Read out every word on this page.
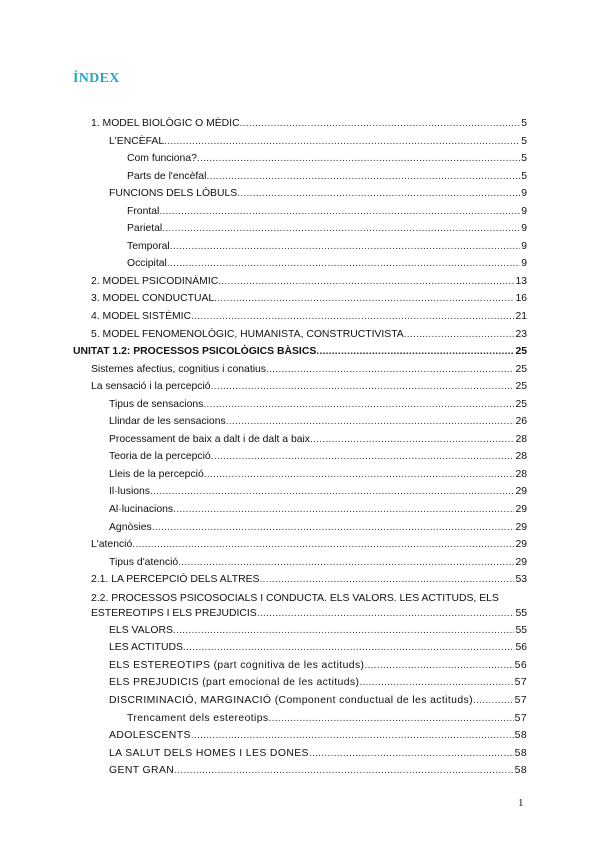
ÍNDEX
1. MODEL BIOLÒGIC O MÈDIC .....	5
L'ENCÈFAL .....	5
Com funciona? .....	5
Parts de l'encèfal .....	5
FUNCIONS DELS LÒBULS .....	9
Frontal .....	9
Parietal .....	9
Temporal .....	9
Occipital .....	9
2. MODEL PSICODINÀMIC .....	13
3. MODEL CONDUCTUAL .....	16
4. MODEL SISTÈMIC .....	21
5. MODEL FENOMENOLÒGIC, HUMANISTA, CONSTRUCTIVISTA .....	23
UNITAT 1.2: PROCESSOS PSICOLÒGICS BÀSICS .....	25
Sistemes afectius, cognitius i conatius .....	25
La sensació i la percepció .....	25
Tipus de sensacions .....	25
Llindar de les sensacions .....	26
Processament de baix a dalt i de dalt a baix .....	28
Teoria de la percepció .....	28
Lleis de la percepció .....	28
Il·lusions .....	29
Al·lucinacions .....	29
Agnòsies .....	29
L'atenció .....	29
Tipus d'atenció .....	29
2.1. LA PERCEPCIÓ DELS ALTRES .....	53
2.2. PROCESSOS PSICOSOCIALS I CONDUCTA. ELS VALORS. LES ACTITUDS, ELS
ESTEREOTIPS I ELS PREJUDICIS .....	55
ELS VALORS .....	55
LES ACTITUDS .....	56
ELS ESTEREOTIPS (part cognitiva de les actituds) .....	56
ELS PREJUDICIS (part emocional de les actituds) .....	57
DISCRIMINACIÓ, MARGINACIÓ (Component conductual de les actituds) .....	57
Trencament dels estereotips .....	57
ADOLESCENTS .....	58
LA SALUT DELS HOMES I LES DONES .....	58
GENT GRAN .....	58
1
